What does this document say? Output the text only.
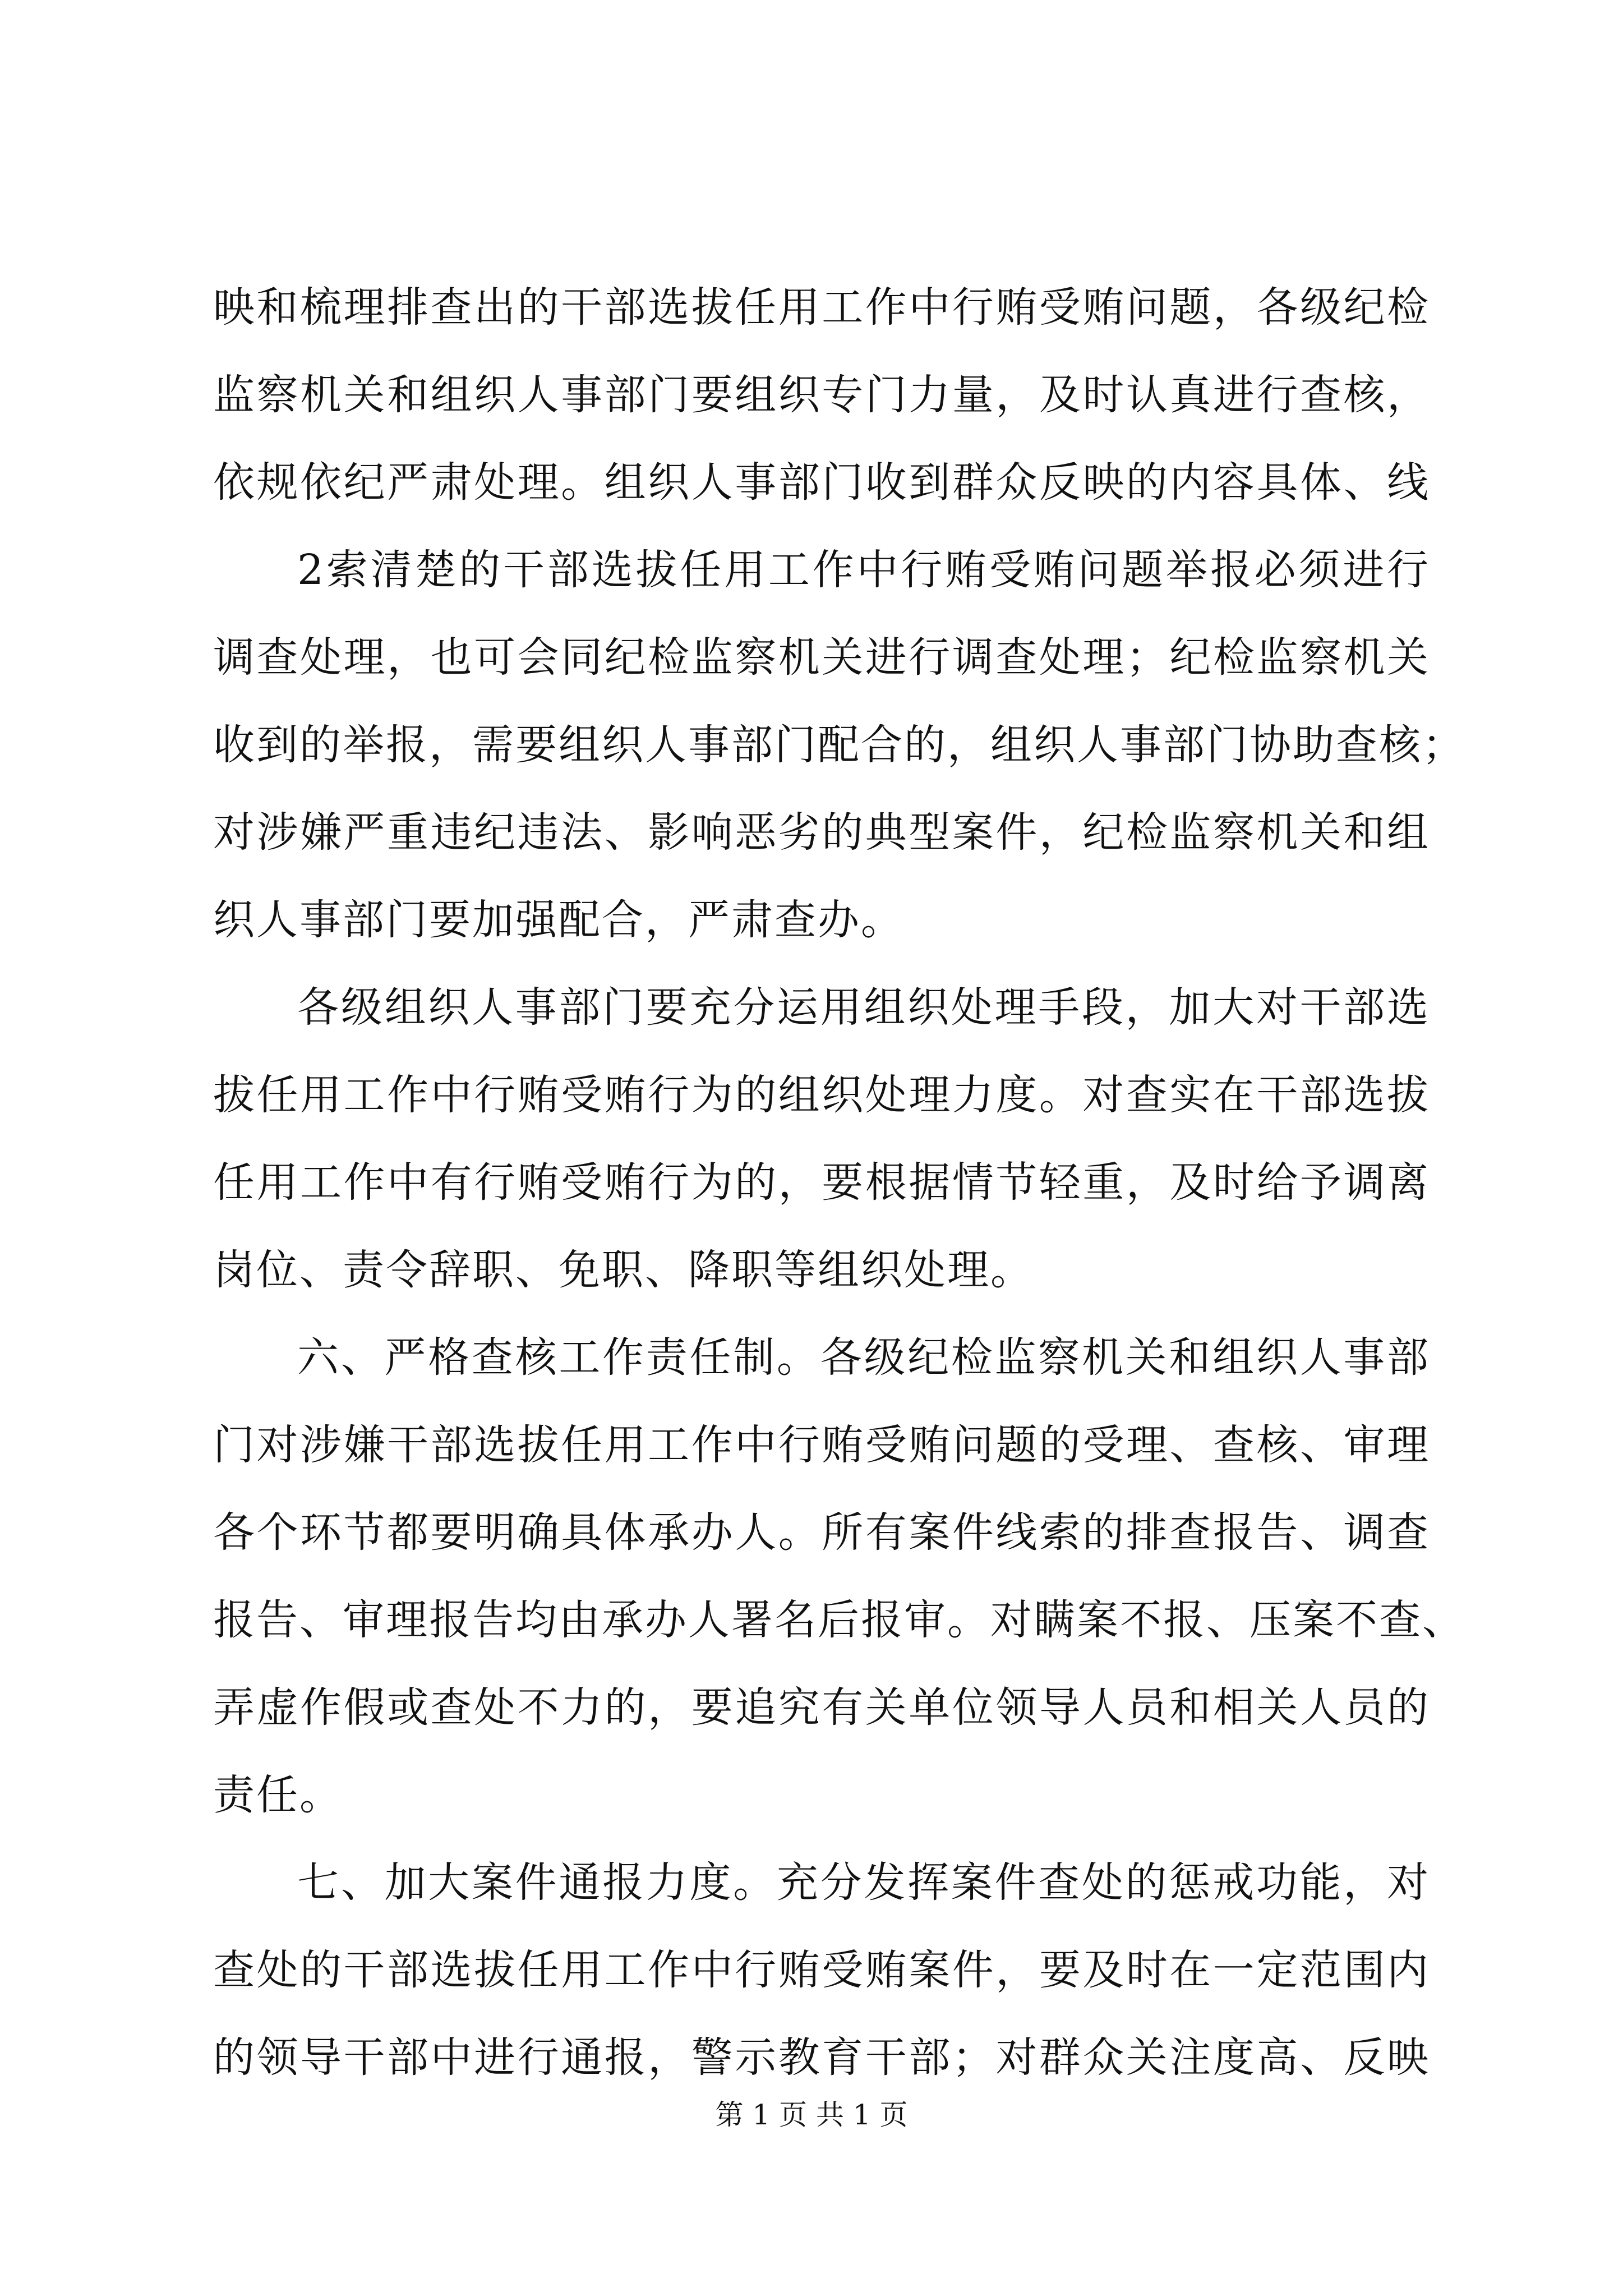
映和梳理排查出的干部选拔任用工作中行贿受贿问题，各级纪检
监察机关和组织人事部门要组织专门力量，及时认真进行查核，
依规依纪严肃处理。组织人事部门收到群众反映的内容具体、线
2索清楚的干部选拔任用工作中行贿受贿问题举报必须进行
调查处理，也可会同纪检监察机关进行调查处理；纪检监察机关
收到的举报，需要组织人事部门配合的，组织人事部门协助查核；
对涉嫌严重违纪违法、影响恶劣的典型案件，纪检监察机关和组
织人事部门要加强配合，严肃查办。
各级组织人事部门要充分运用组织处理手段，加大对干部选
拔任用工作中行贿受贿行为的组织处理力度。对查实在干部选拔
任用工作中有行贿受贿行为的，要根据情节轻重，及时给予调离
岗位、责令辞职、免职、降职等组织处理。
六、严格查核工作责任制。各级纪检监察机关和组织人事部
门对涉嫌干部选拔任用工作中行贿受贿问题的受理、查核、审理
各个环节都要明确具体承办人。所有案件线索的排查报告、调查
报告、审理报告均由承办人署名后报审。对瞒案不报、压案不查、
弄虚作假或查处不力的，要追究有关单位领导人员和相关人员的
责任。
七、加大案件通报力度。充分发挥案件查处的惩戒功能，对
查处的干部选拔任用工作中行贿受贿案件，要及时在一定范围内
的领导干部中进行通报，警示教育干部；对群众关注度高、反映
第 1 页 共 1 页
